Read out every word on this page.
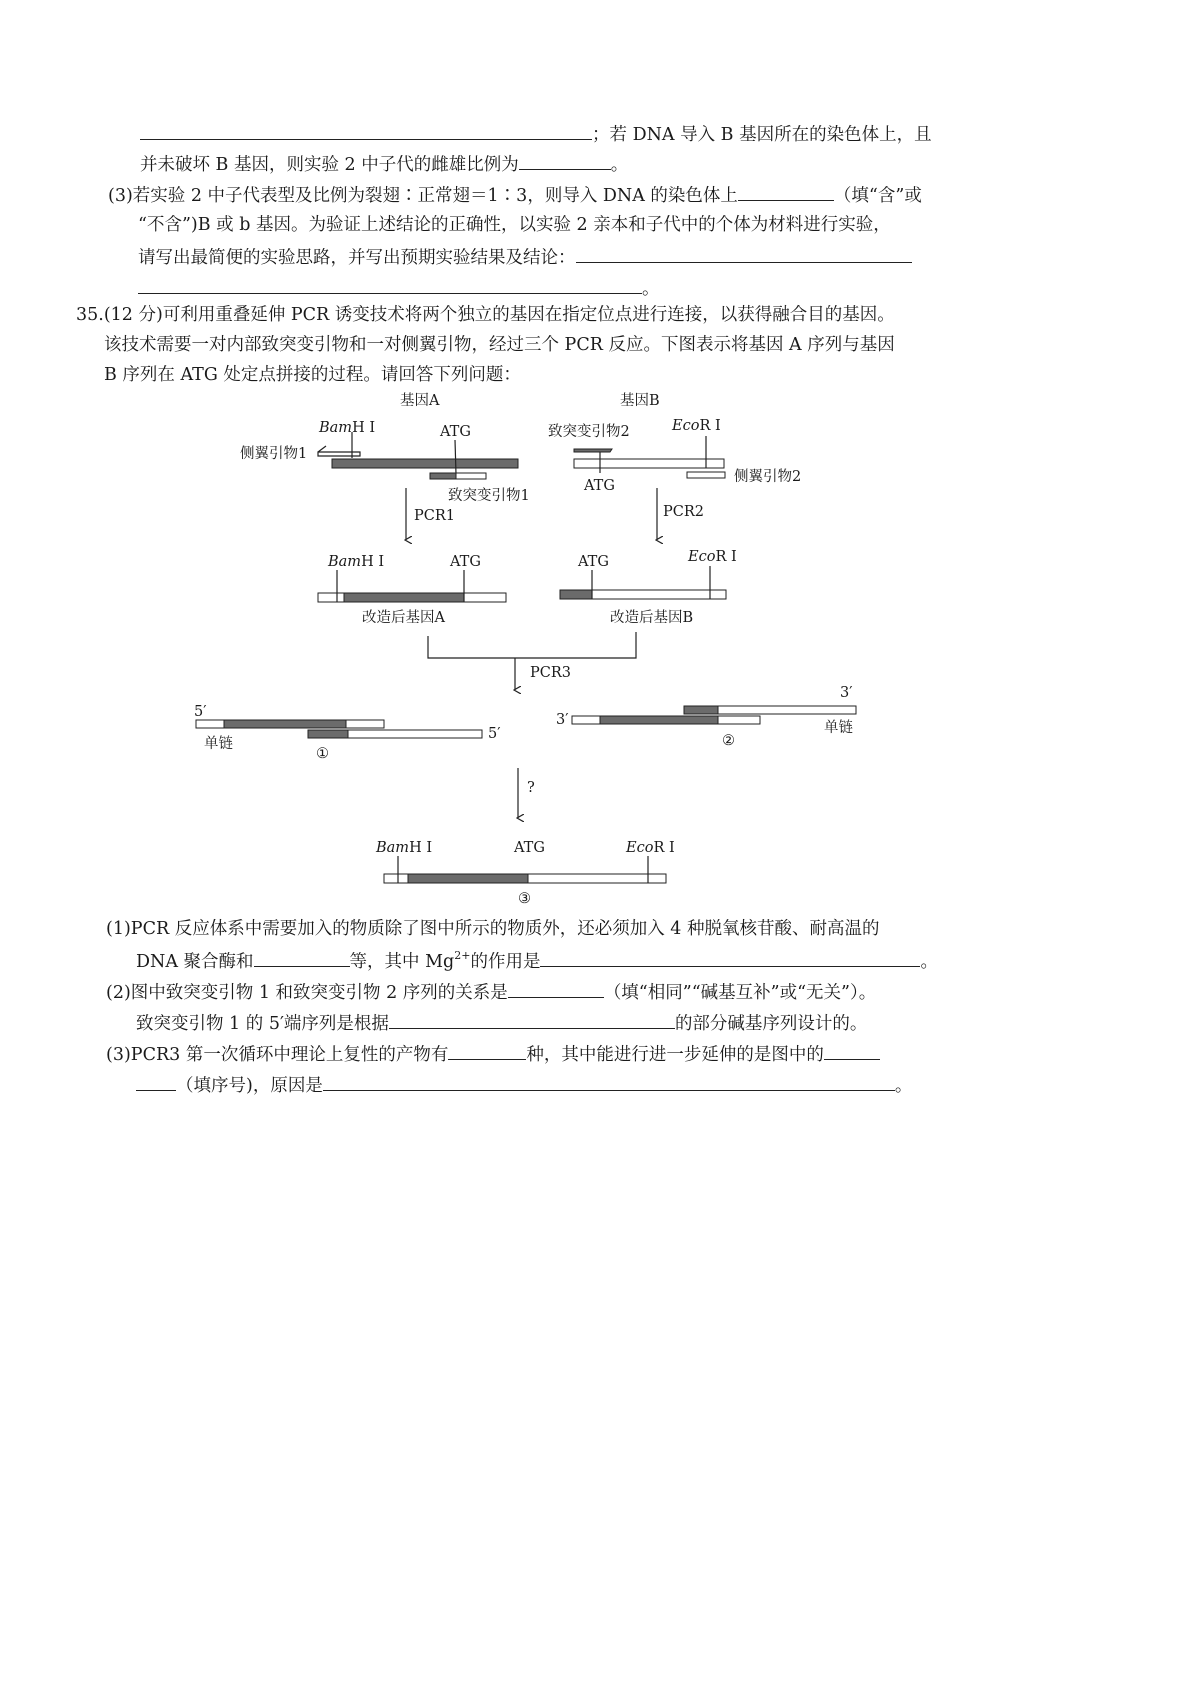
；若 DNA 导入 B 基因所在的染色体上，且
并未破坏 B 基因，则实验 2 中子代的雌雄比例为	。
(3)若实验 2 中子代表型及比例为裂翅∶正常翅＝1∶3，则导入 DNA 的染色体上	（填“含”或
“不含”)B 或 b 基因。为验证上述结论的正确性，以实验 2 亲本和子代中的个体为材料进行实验，
请写出最简便的实验思路，并写出预期实验结果及结论：
。
35.(12 分)可利用重叠延伸 PCR 诱变技术将两个独立的基因在指定位点进行连接，以获得融合目的基因。
该技术需要一对内部致突变引物和一对侧翼引物，经过三个 PCR 反应。下图表示将基因 A 序列与基因
B 序列在 ATG 处定点拼接的过程。请回答下列问题：
基因A
BamH Ⅰ
侧翼引物1
ATG
致突变引物1
基因B
致突变引物2	EcoR Ⅰ
ATG
侧翼引物2
PCR1	PCR2
BamH Ⅰ	ATG
改造后基因A
ATG	EcoR Ⅰ
改造后基因B
PCR3
5′
5′
单链
①
3′
3′
②
单链
?
BamH Ⅰ	ATG	EcoR Ⅰ
③
(1)PCR 反应体系中需要加入的物质除了图中所示的物质外，还必须加入 4 种脱氧核苷酸、耐高温的
DNA 聚合酶和	等，其中 $Mg^{2+}$的作用是	。
(2)图中致突变引物 1 和致突变引物 2 序列的关系是	（填“相同”“碱基互补”或“无关”）。
致突变引物 1 的 5′端序列是根据	的部分碱基序列设计的。
(3)PCR3 第一次循环中理论上复性的产物有	种，其中能进行进一步延伸的是图中的
（填序号)，原因是	。
